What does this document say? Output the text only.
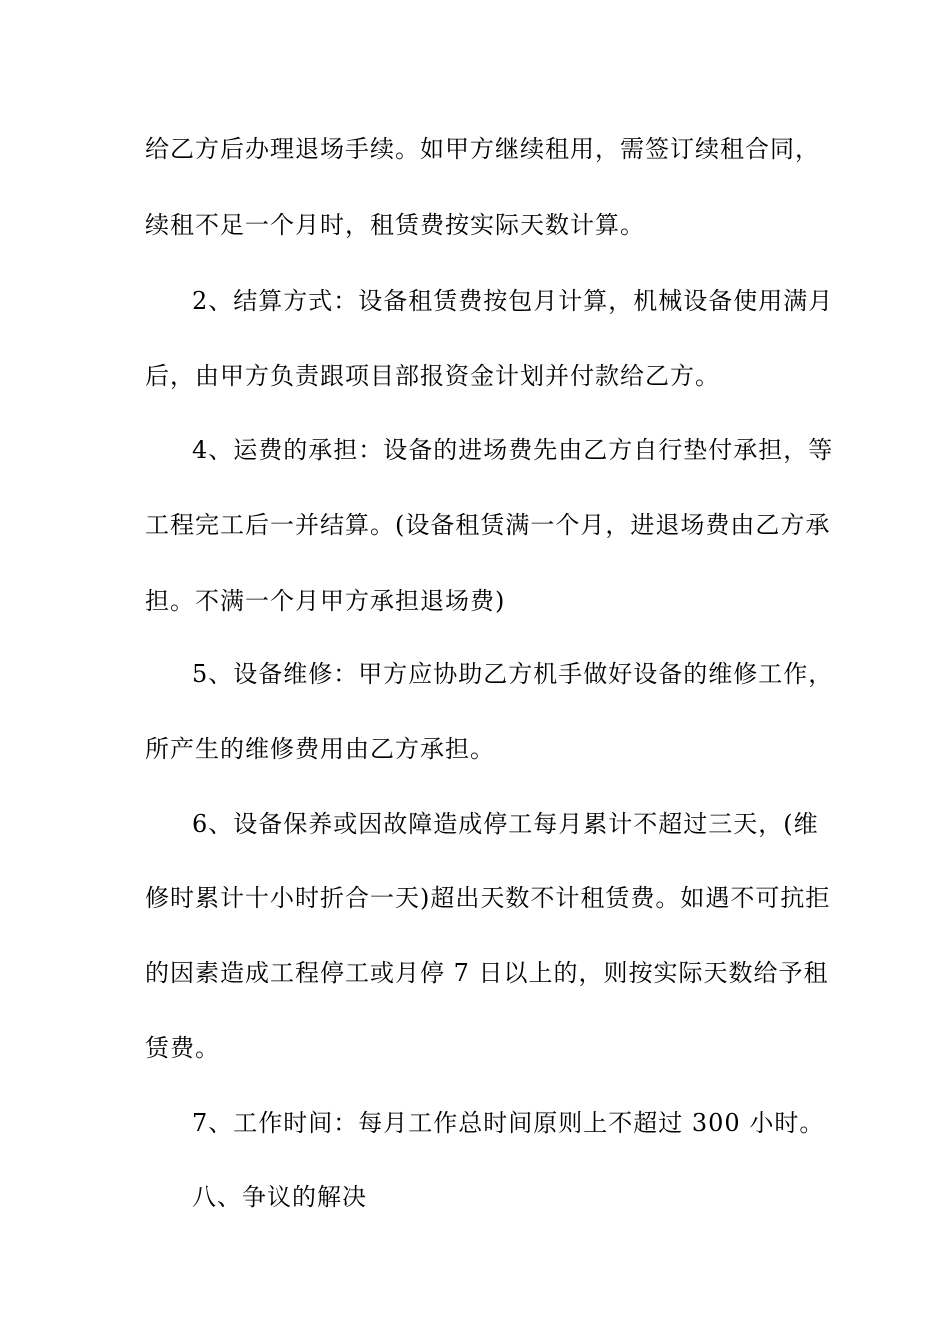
给乙方后办理退场手续。如甲方继续租用，需签订续租合同，
续租不足一个月时，租赁费按实际天数计算。
2、结算方式：设备租赁费按包月计算，机械设备使用满月
后，由甲方负责跟项目部报资金计划并付款给乙方。
4、运费的承担：设备的进场费先由乙方自行垫付承担，等
工程完工后一并结算。(设备租赁满一个月，进退场费由乙方承
担。不满一个月甲方承担退场费)
5、设备维修：甲方应协助乙方机手做好设备的维修工作，
所产生的维修费用由乙方承担。
6、设备保养或因故障造成停工每月累计不超过三天，(维
修时累计十小时折合一天)超出天数不计租赁费。如遇不可抗拒
的因素造成工程停工或月停 7 日以上的，则按实际天数给予租
赁费。
7、工作时间：每月工作总时间原则上不超过 300 小时。
八、争议的解决
